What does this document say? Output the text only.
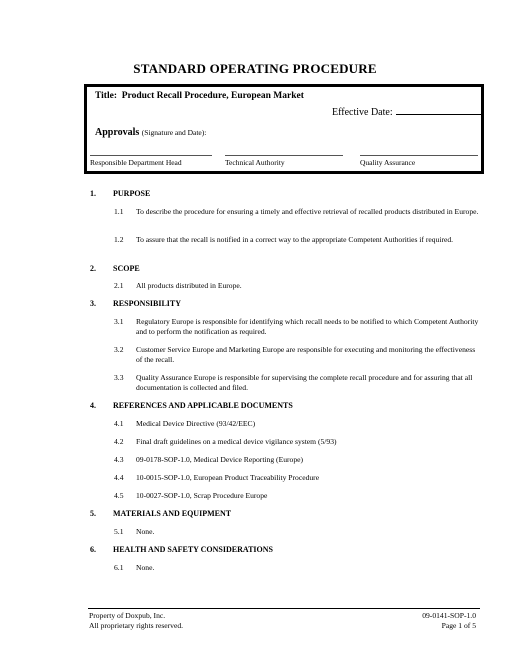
STANDARD OPERATING PROCEDURE
Title: Product Recall Procedure, European Market
Effective Date:
Approvals (Signature and Date):
Responsible Department Head	Technical Authority	Quality Assurance
1. PURPOSE
1.1 To describe the procedure for ensuring a timely and effective retrieval of recalled products distributed in Europe.
1.2 To assure that the recall is notified in a correct way to the appropriate Competent Authorities if required.
2. SCOPE
2.1 All products distributed in Europe.
3. RESPONSIBILITY
3.1 Regulatory Europe is responsible for identifying which recall needs to be notified to which Competent Authority and to perform the notification as required.
3.2 Customer Service Europe and Marketing Europe are responsible for executing and monitoring the effectiveness of the recall.
3.3 Quality Assurance Europe is responsible for supervising the complete recall procedure and for assuring that all documentation is collected and filed.
4. REFERENCES AND APPLICABLE DOCUMENTS
4.1 Medical Device Directive (93/42/EEC)
4.2 Final draft guidelines on a medical device vigilance system (5/93)
4.3 09-0178-SOP-1.0, Medical Device Reporting (Europe)
4.4 10-0015-SOP-1.0, European Product Traceability Procedure
4.5 10-0027-SOP-1.0, Scrap Procedure Europe
5. MATERIALS AND EQUIPMENT
5.1 None.
6. HEALTH AND SAFETY CONSIDERATIONS
6.1 None.
Property of Doxpub, Inc.
All proprietary rights reserved.
09-0141-SOP-1.0
Page 1 of 5
